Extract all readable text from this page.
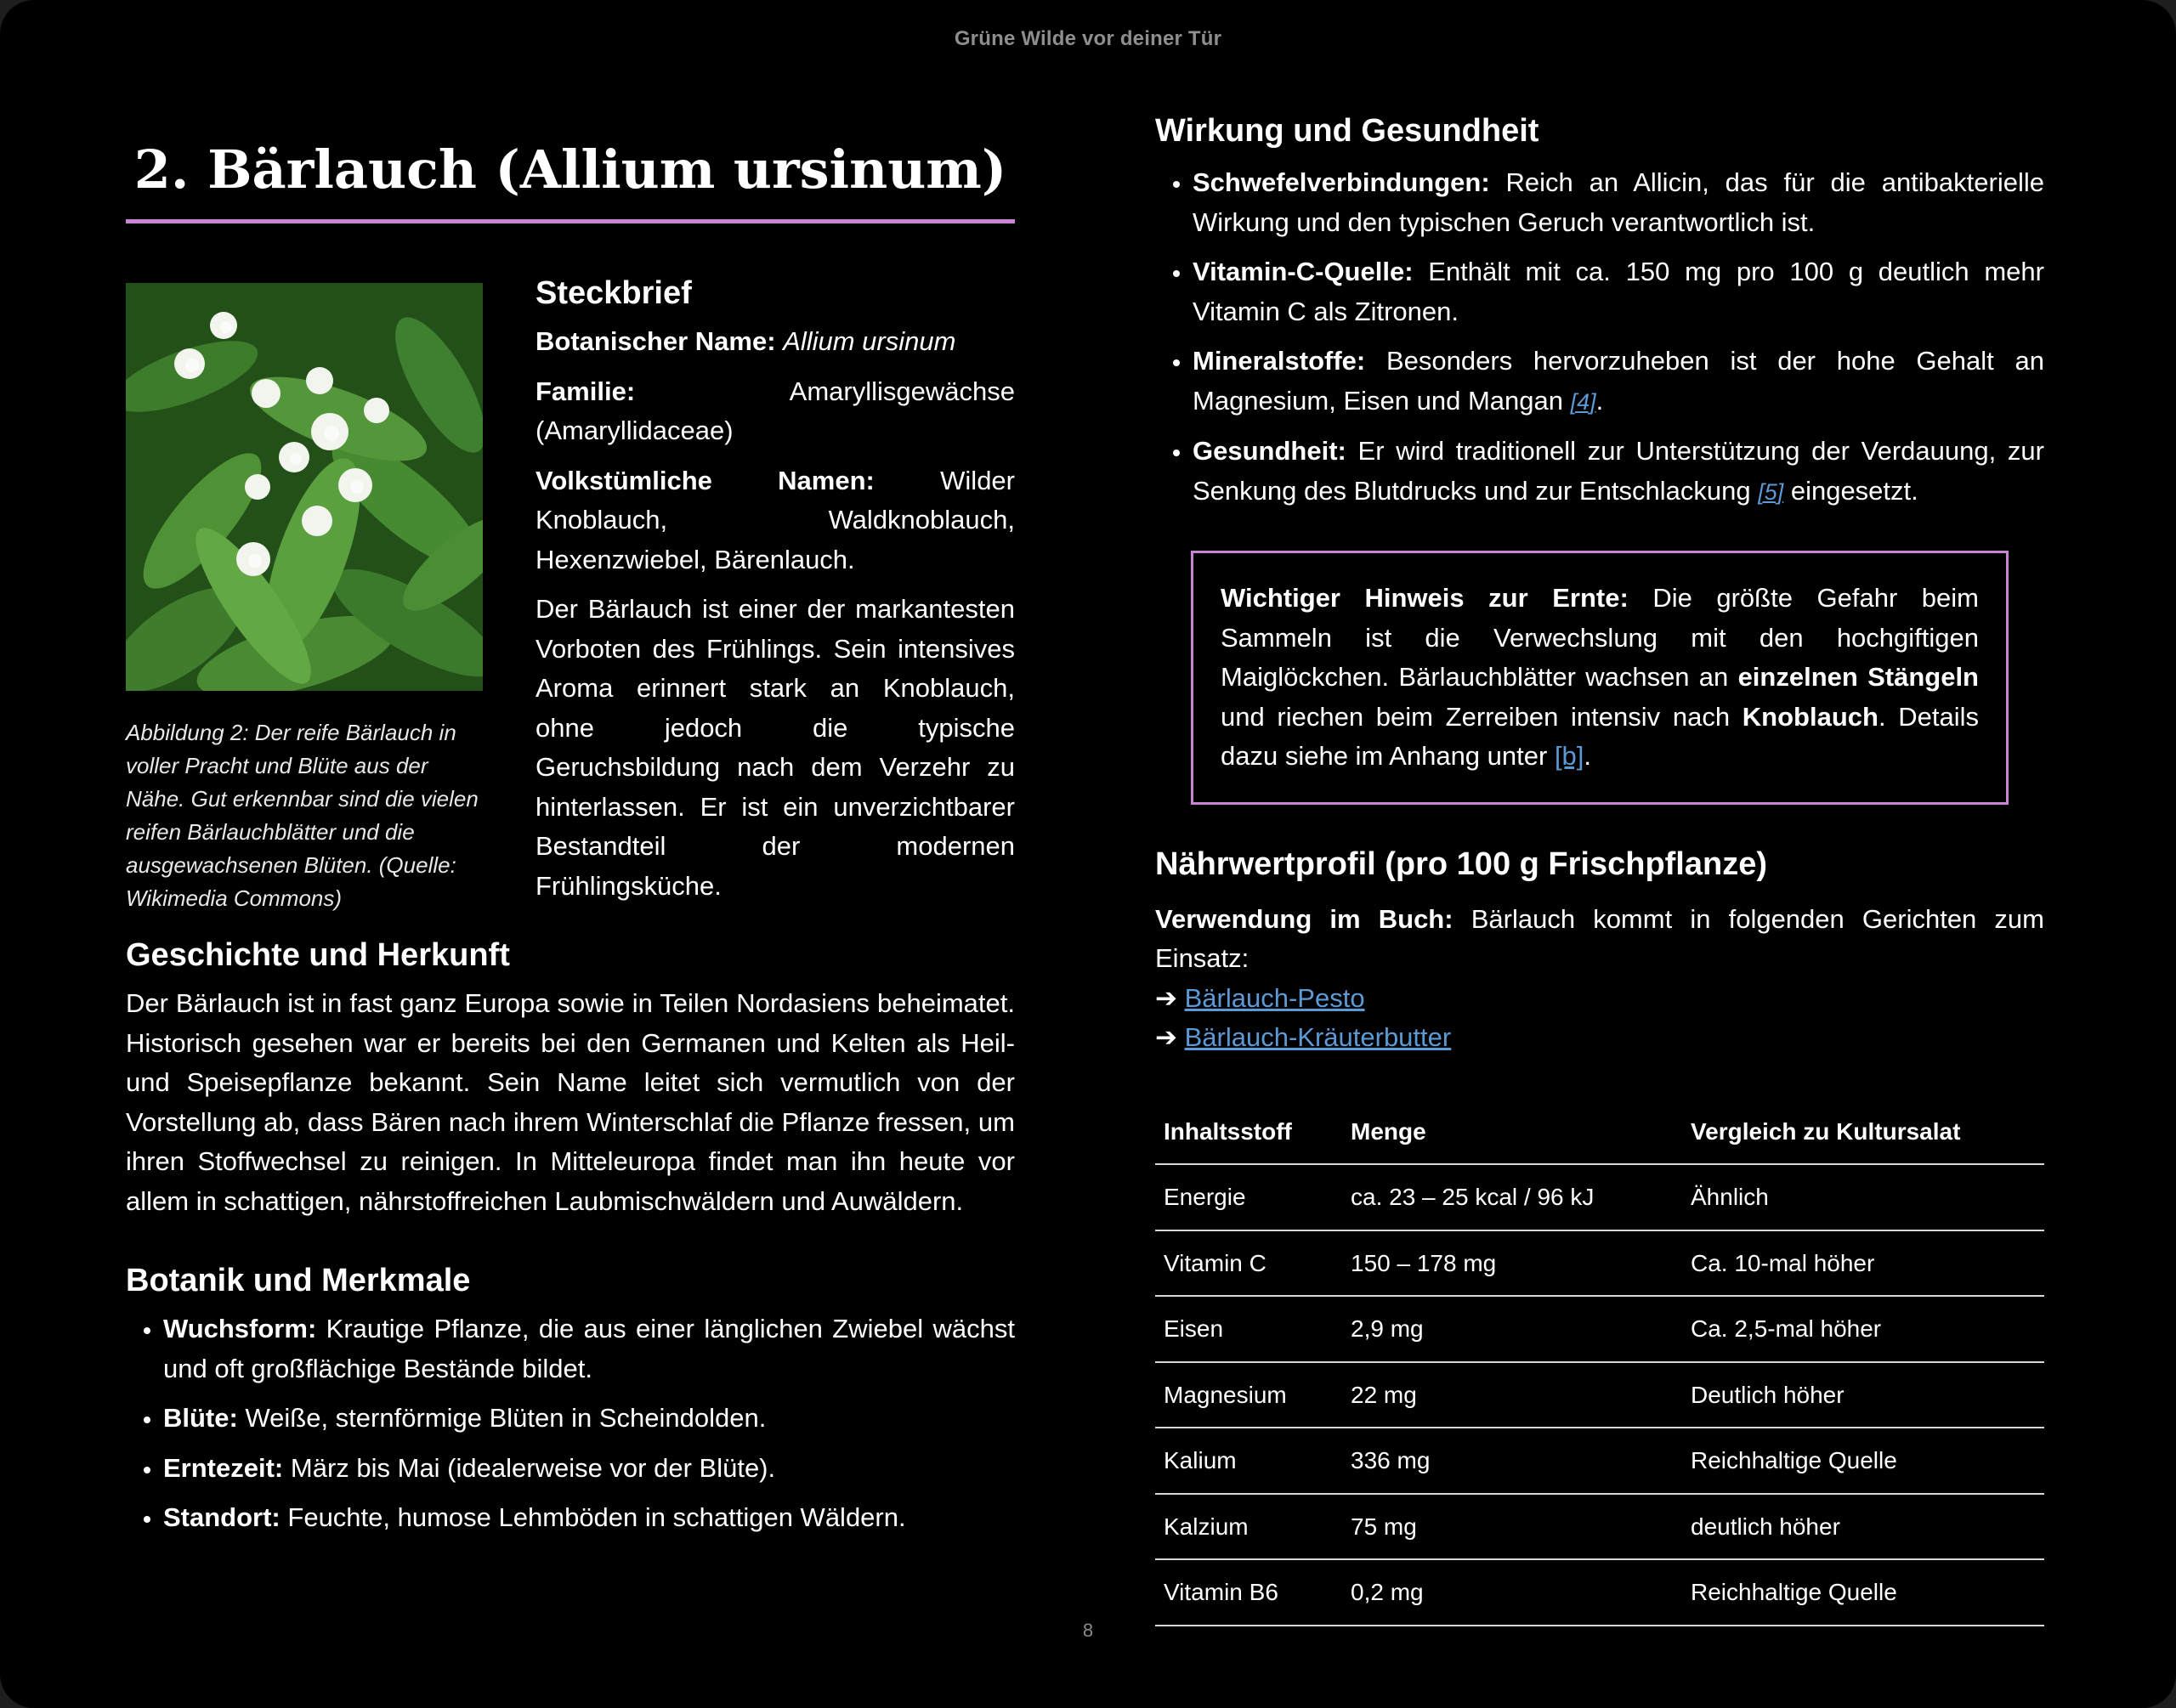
Grüne Wilde vor deiner Tür
2. Bärlauch (Allium ursinum)
Abbildung 2: Der reife Bärlauch in voller Pracht und Blüte aus der Nähe. Gut erkennbar sind die vielen reifen Bärlauchblätter und die ausgewachsenen Blüten. (Quelle: Wikimedia Commons)
Steckbrief

Botanischer Name: Allium ursinum

Familie:	Amaryllisgewächse (Amaryllidaceae)

Volkstümliche Namen: Wilder Knoblauch, Waldknoblauch, Hexenzwiebel, Bärenlauch.

Der Bärlauch ist einer der markantesten Vorboten des Frühlings. Sein intensives Aroma erinnert stark an Knoblauch, ohne jedoch die typische Geruchsbildung nach dem Verzehr zu hinterlassen. Er ist ein unverzichtbarer Bestandteil der modernen Frühlingsküche.

Geschichte und Herkunft

Der Bärlauch ist in fast ganz Europa sowie in Teilen Nordasiens beheimatet. Historisch gesehen war er bereits bei den Germanen und Kelten als Heil- und Speisepflanze bekannt. Sein Name leitet sich vermutlich von der Vorstellung ab, dass Bären nach ihrem Winterschlaf die Pflanze fressen, um ihren Stoffwechsel zu reinigen. In Mitteleuropa findet man ihn heute vor allem in schattigen, nährstoffreichen Laubmischwäldern und Auwäldern.

Botanik und Merkmale
• Wuchsform: Krautige Pflanze, die aus einer länglichen Zwiebel wächst und oft großflächige Bestände bildet.
• Blüte: Weiße, sternförmige Blüten in Scheindolden.
• Erntezeit: März bis Mai (idealerweise vor der Blüte).
• Standort: Feuchte, humose Lehmböden in schattigen Wäldern.
Wirkung und Gesundheit
• Schwefelverbindungen: Reich an Allicin, das für die antibakterielle Wirkung und den typischen Geruch verantwortlich ist.
• Vitamin-C-Quelle: Enthält mit ca. 150 mg pro 100 g deutlich mehr Vitamin C als Zitronen.
• Mineralstoffe: Besonders hervorzuheben ist der hohe Gehalt an Magnesium, Eisen und Mangan [4].
• Gesundheit: Er wird traditionell zur Unterstützung der Verdauung, zur Senkung des Blutdrucks und zur Entschlackung [5] eingesetzt.

Wichtiger Hinweis zur Ernte: Die größte Gefahr beim Sammeln ist die Verwechslung mit den hochgiftigen Maiglöckchen. Bärlauchblätter wachsen an einzelnen Stängeln und riechen beim Zerreiben intensiv nach Knoblauch. Details dazu siehe im Anhang unter [b].

Nährwertprofil (pro 100 g Frischpflanze)

Verwendung im Buch: Bärlauch kommt in folgenden Gerichten zum Einsatz:

➔ Bärlauch-Pesto

➔ Bärlauch-Kräuterbutter

Inhaltsstoff	Menge	Vergleich zu Kultursalat
Energie	ca. 23 – 25 kcal / 96 kJ	Ähnlich
Vitamin C	150 – 178 mg	Ca. 10-mal höher
Eisen	2,9 mg	Ca. 2,5-mal höher
Magnesium	22 mg	Deutlich höher
Kalium	336 mg	Reichhaltige Quelle
Kalzium	75 mg	deutlich höher
Vitamin B6	0,2 mg	Reichhaltige Quelle
8
